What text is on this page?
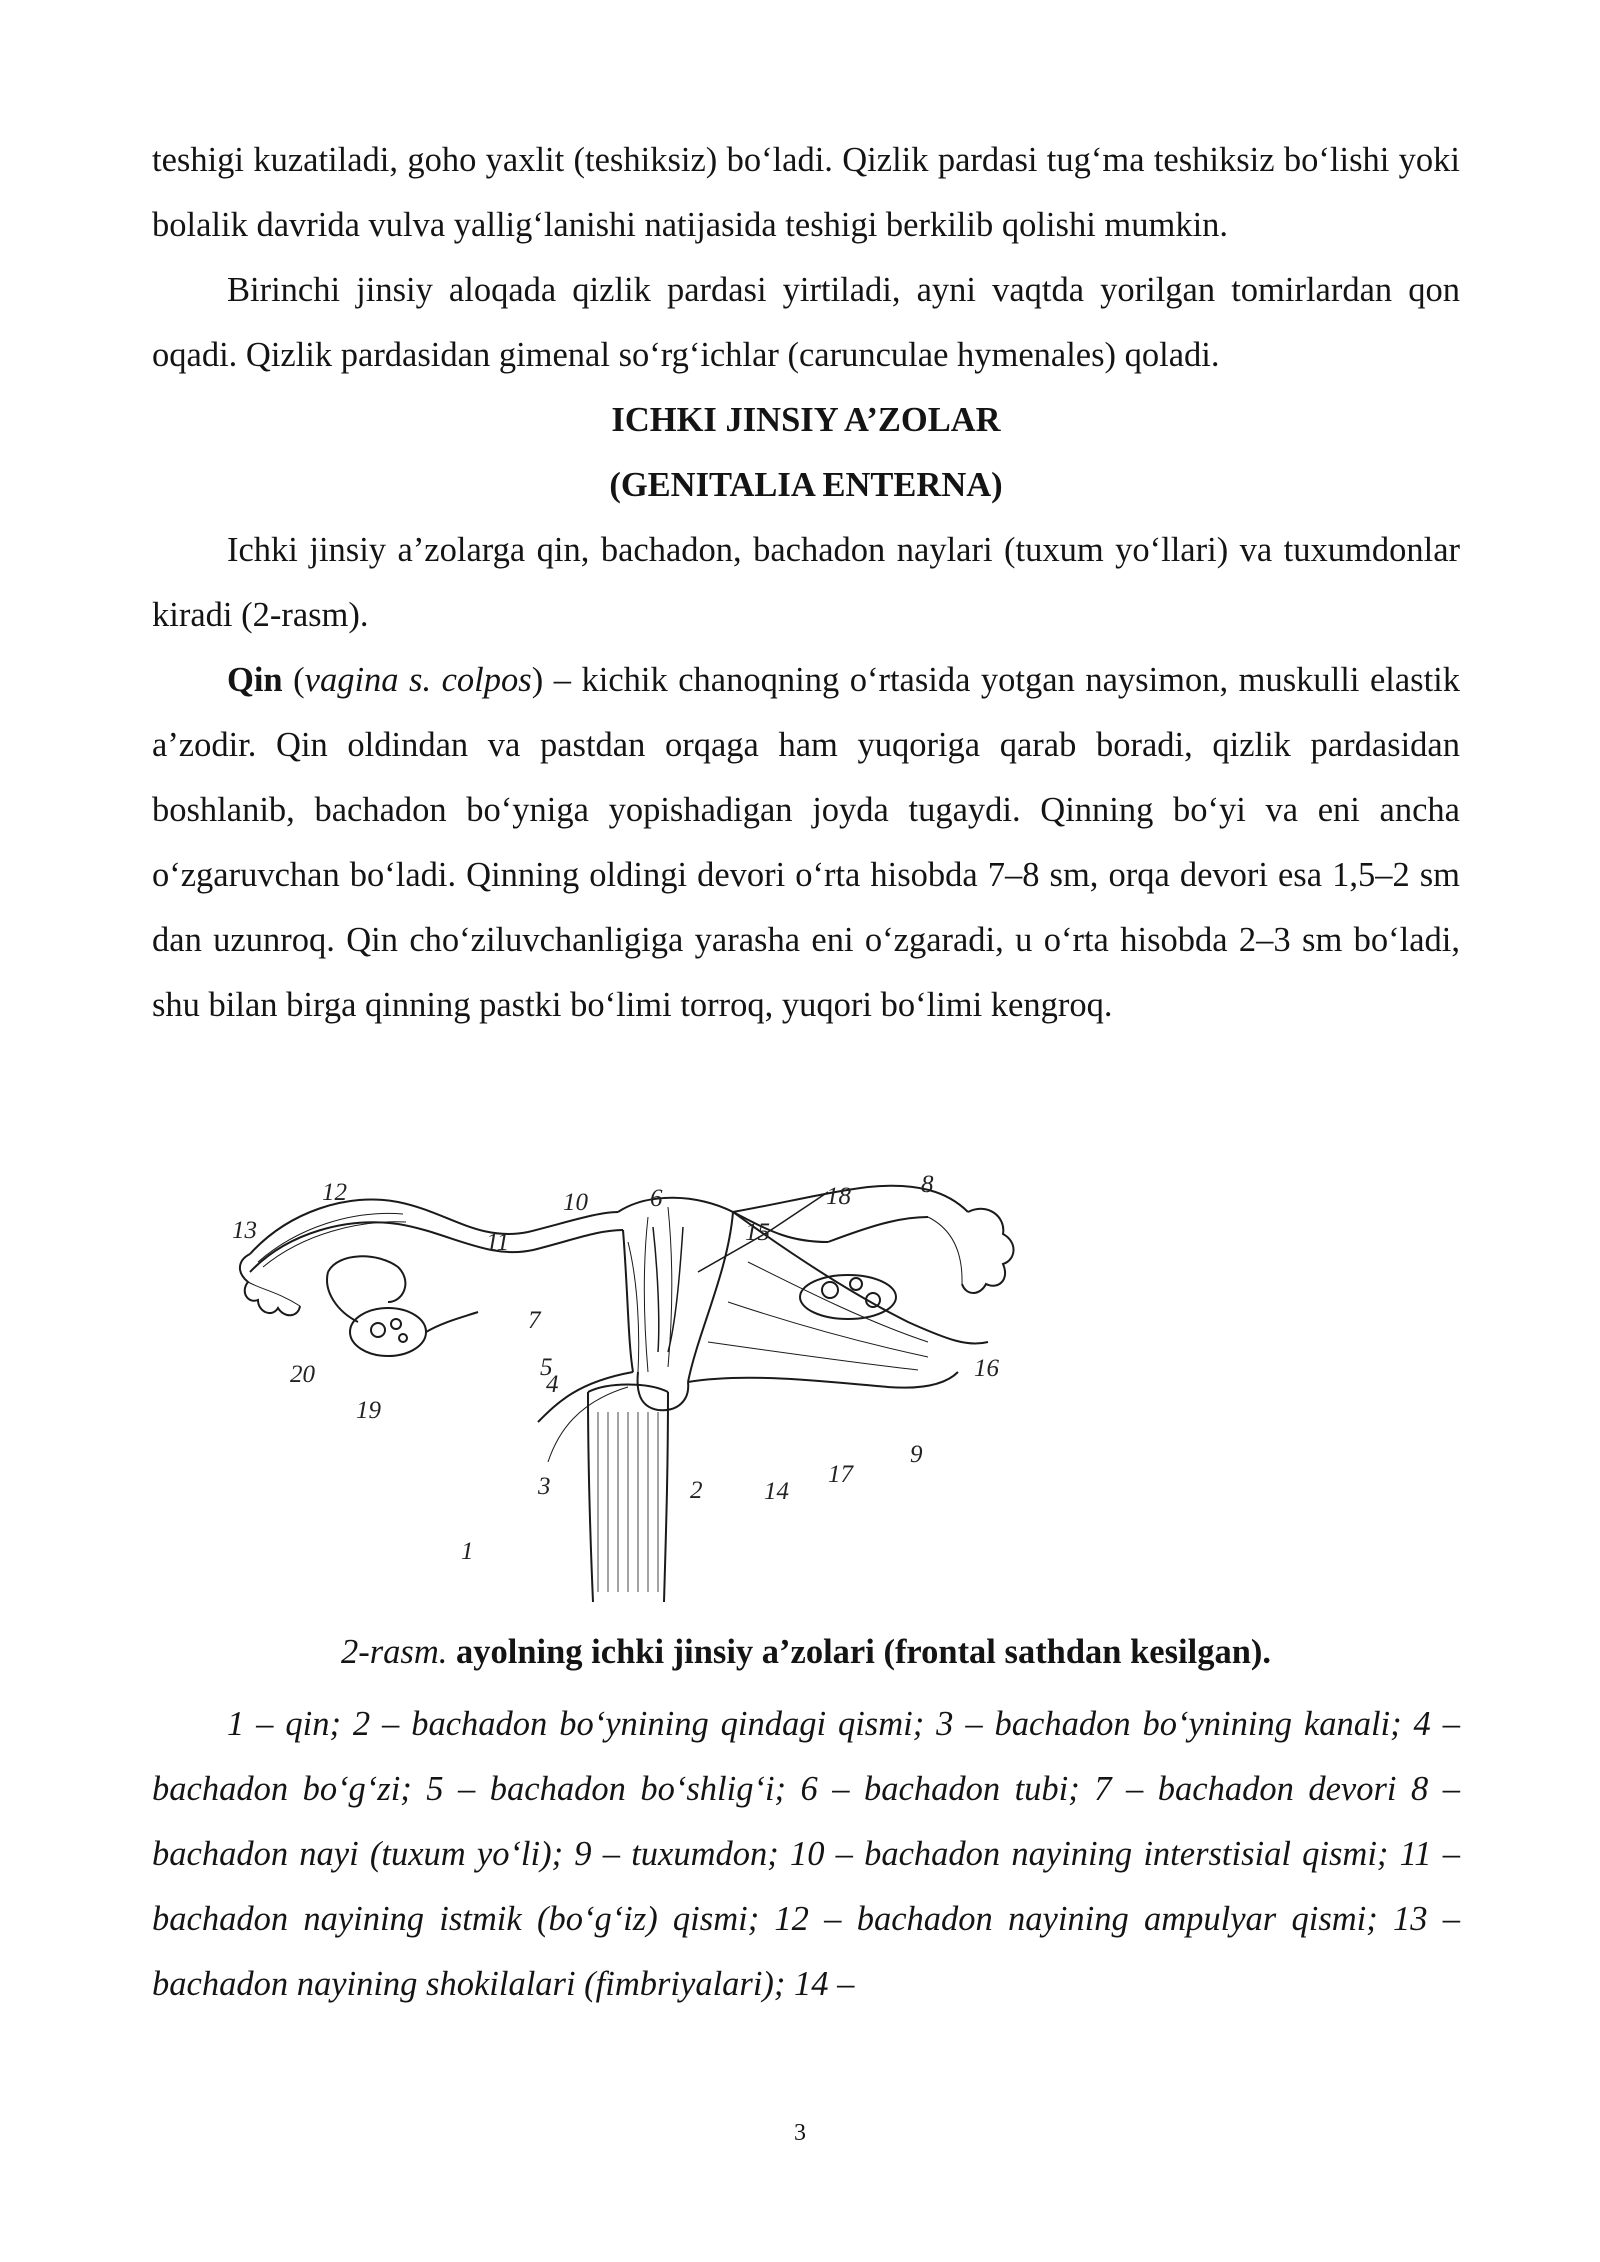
teshigi kuzatiladi, goho yaxlit (teshiksiz) bo‘ladi. Qizlik pardasi tug‘ma teshiksiz bo‘lishi yoki bolalik davrida vulva yallig‘lanishi natijasida teshigi berkilib qolishi mumkin.

Birinchi jinsiy aloqada qizlik pardasi yirtiladi, ayni vaqtda yorilgan tomirlardan qon oqadi. Qizlik pardasidan gimenal so‘rg‘ichlar (carunculae hymenales) qoladi.

ICHKI JINSIY A’ZOLAR

(GENITALIA ENTERNA)

Ichki jinsiy a’zolarga qin, bachadon, bachadon naylari (tuxum yo‘llari) va tuxumdonlar kiradi (2-rasm).

Qin (vagina s. colpos) – kichik chanoqning o‘rtasida yotgan naysimon, muskulli elastik a’zodir. Qin oldindan va pastdan orqaga ham yuqoriga qarab boradi, qizlik pardasidan boshlanib, bachadon bo‘yniga yopishadigan joyda tugaydi. Qinning bo‘yi va eni ancha o‘zgaruvchan bo‘ladi. Qinning oldingi devori o‘rta hisobda 7–8 sm, orqa devori esa 1,5–2 sm dan uzunroq. Qin cho‘ziluvchanligiga yarasha eni o‘zgaradi, u o‘rta hisobda 2–3 sm bo‘ladi, shu bilan birga qinning pastki bo‘limi torroq, yuqori bo‘limi kengroq.

1
2
3
4
5
6
7
8
9
10
11
12
13
14
15
16
17
18
19
20
2-rasm. ayolning ichki jinsiy a’zolari (frontal sathdan kesilgan).

1 – qin; 2 – bachadon bo‘ynining qindagi qismi; 3 – bachadon bo‘ynining kanali; 4 – bachadon bo‘g‘zi; 5 – bachadon bo‘shlig‘i; 6 – bachadon tubi; 7 – bachadon devori 8 – bachadon nayi (tuxum yo‘li); 9 – tuxumdon; 10 – bachadon nayining interstisial qismi; 11 – bachadon nayining istmik (bo‘g‘iz) qismi; 12 – bachadon nayining ampulyar qismi; 13 – bachadon nayining shokilalari (fimbriyalari); 14 –

3
